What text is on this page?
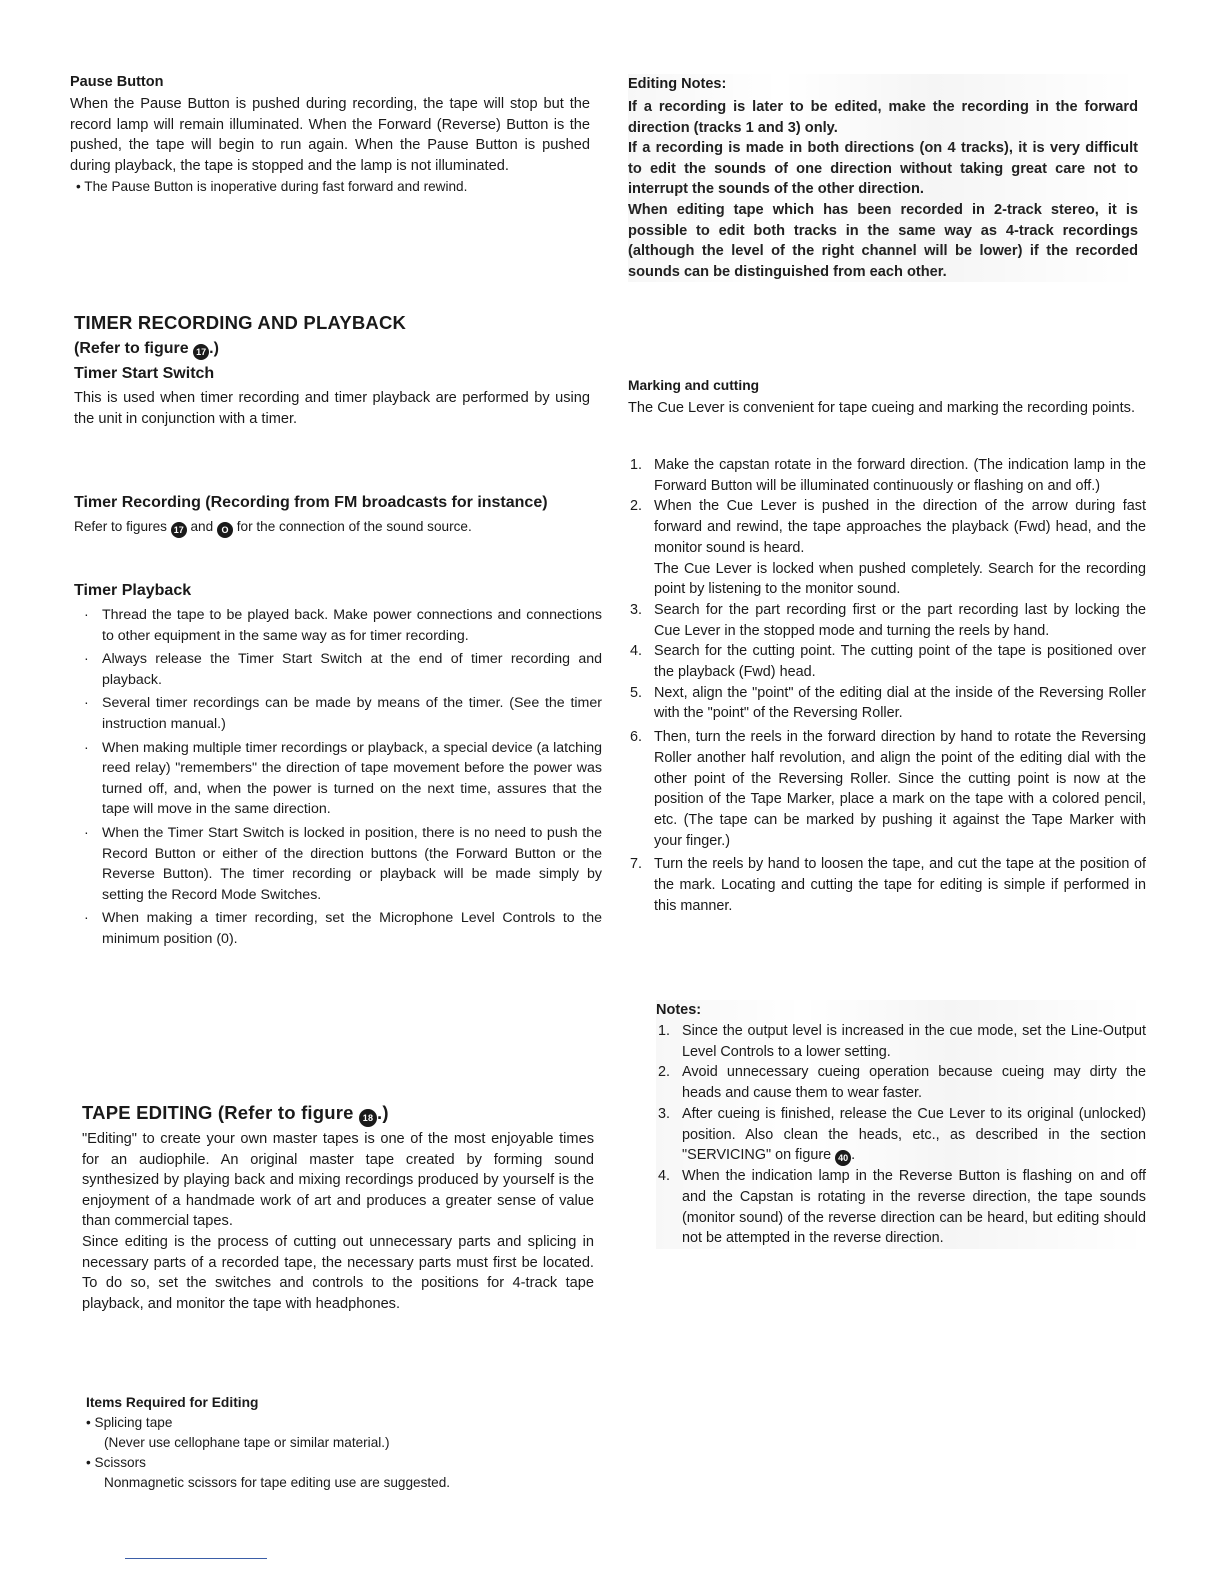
Pause Button

When the Pause Button is pushed during recording, the tape will stop but the record lamp will remain illuminated. When the Forward (Reverse) Button is the pushed, the tape will begin to run again. When the Pause Button is pushed during playback, the tape is stopped and the lamp is not illuminated.

• The Pause Button is inoperative during fast forward and rewind.

TIMER RECORDING AND PLAYBACK
(Refer to figure 17 .)
Timer Start Switch

This is used when timer recording and timer playback are performed by using the unit in conjunction with a timer.

Timer Recording (Recording from FM broadcasts for instance)

Refer to figures 17 and O for the connection of the sound source.

Timer Playback
· Thread the tape to be played back. Make power connections and connections to other equipment in the same way as for timer recording.
· Always release the Timer Start Switch at the end of timer recording and playback.
· Several timer recordings can be made by means of the timer. (See the timer instruction manual.)
· When making multiple timer recordings or playback, a special device (a latching reed relay) "remembers" the direction of tape movement before the power was turned off, and, when the power is turned on the next time, assures that the tape will move in the same direction.
· When the Timer Start Switch is locked in position, there is no need to push the Record Button or either of the direction buttons (the Forward Button or the Reverse Button). The timer recording or playback will be made simply by setting the Record Mode Switches.
· When making a timer recording, set the Microphone Level Controls to the minimum position (0).
TAPE EDITING (Refer to figure 18 .)

"Editing" to create your own master tapes is one of the most enjoyable times for an audiophile. An original master tape created by forming sound synthesized by playing back and mixing recordings produced by yourself is the enjoyment of a handmade work of art and produces a greater sense of value than commercial tapes.

Since editing is the process of cutting out unnecessary parts and splicing in necessary parts of a recorded tape, the necessary parts must first be located. To do so, set the switches and controls to the positions for 4-track tape playback, and monitor the tape with headphones.

Items Required for Editing

• Splicing tape

(Never use cellophane tape or similar material.)

• Scissors

Nonmagnetic scissors for tape editing use are suggested.

Editing Notes:

If a recording is later to be edited, make the recording in the forward direction (tracks 1 and 3) only.
If a recording is made in both directions (on 4 tracks), it is very difficult to edit the sounds of one direction without taking great care not to interrupt the sounds of the other direction.
When editing tape which has been recorded in 2-track stereo, it is possible to edit both tracks in the same way as 4-track recordings (although the level of the right channel will be lower) if the recorded sounds can be distinguished from each other.

Marking and cutting

The Cue Lever is convenient for tape cueing and marking the recording points.

1. Make the capstan rotate in the forward direction. (The indication lamp in the Forward Button will be illuminated continuously or flashing on and off.)
2. When the Cue Lever is pushed in the direction of the arrow during fast forward and rewind, the tape approaches the playback (Fwd) head, and the monitor sound is heard.
The Cue Lever is locked when pushed completely. Search for the recording point by listening to the monitor sound.
3. Search for the part recording first or the part recording last by locking the Cue Lever in the stopped mode and turning the reels by hand.
4. Search for the cutting point. The cutting point of the tape is positioned over the playback (Fwd) head.
5. Next, align the "point" of the editing dial at the inside of the Reversing Roller with the "point" of the Reversing Roller.
6. Then, turn the reels in the forward direction by hand to rotate the Reversing Roller another half revolution, and align the point of the editing dial with the other point of the Reversing Roller. Since the cutting point is now at the position of the Tape Marker, place a mark on the tape with a colored pencil, etc. (The tape can be marked by pushing it against the Tape Marker with your finger.)
7. Turn the reels by hand to loosen the tape, and cut the tape at the position of the mark. Locating and cutting the tape for editing is simple if performed in this manner.
Notes:
1. Since the output level is increased in the cue mode, set the Line-Output Level Controls to a lower setting.
2. Avoid unnecessary cueing operation because cueing may dirty the heads and cause them to wear faster.
3. After cueing is finished, release the Cue Lever to its original (unlocked) position. Also clean the heads, etc., as described in the section "SERVICING" on figure 40 .
4. When the indication lamp in the Reverse Button is flashing on and off and the Capstan is rotating in the reverse direction, the tape sounds (monitor sound) of the reverse direction can be heard, but editing should not be attempted in the reverse direction.
